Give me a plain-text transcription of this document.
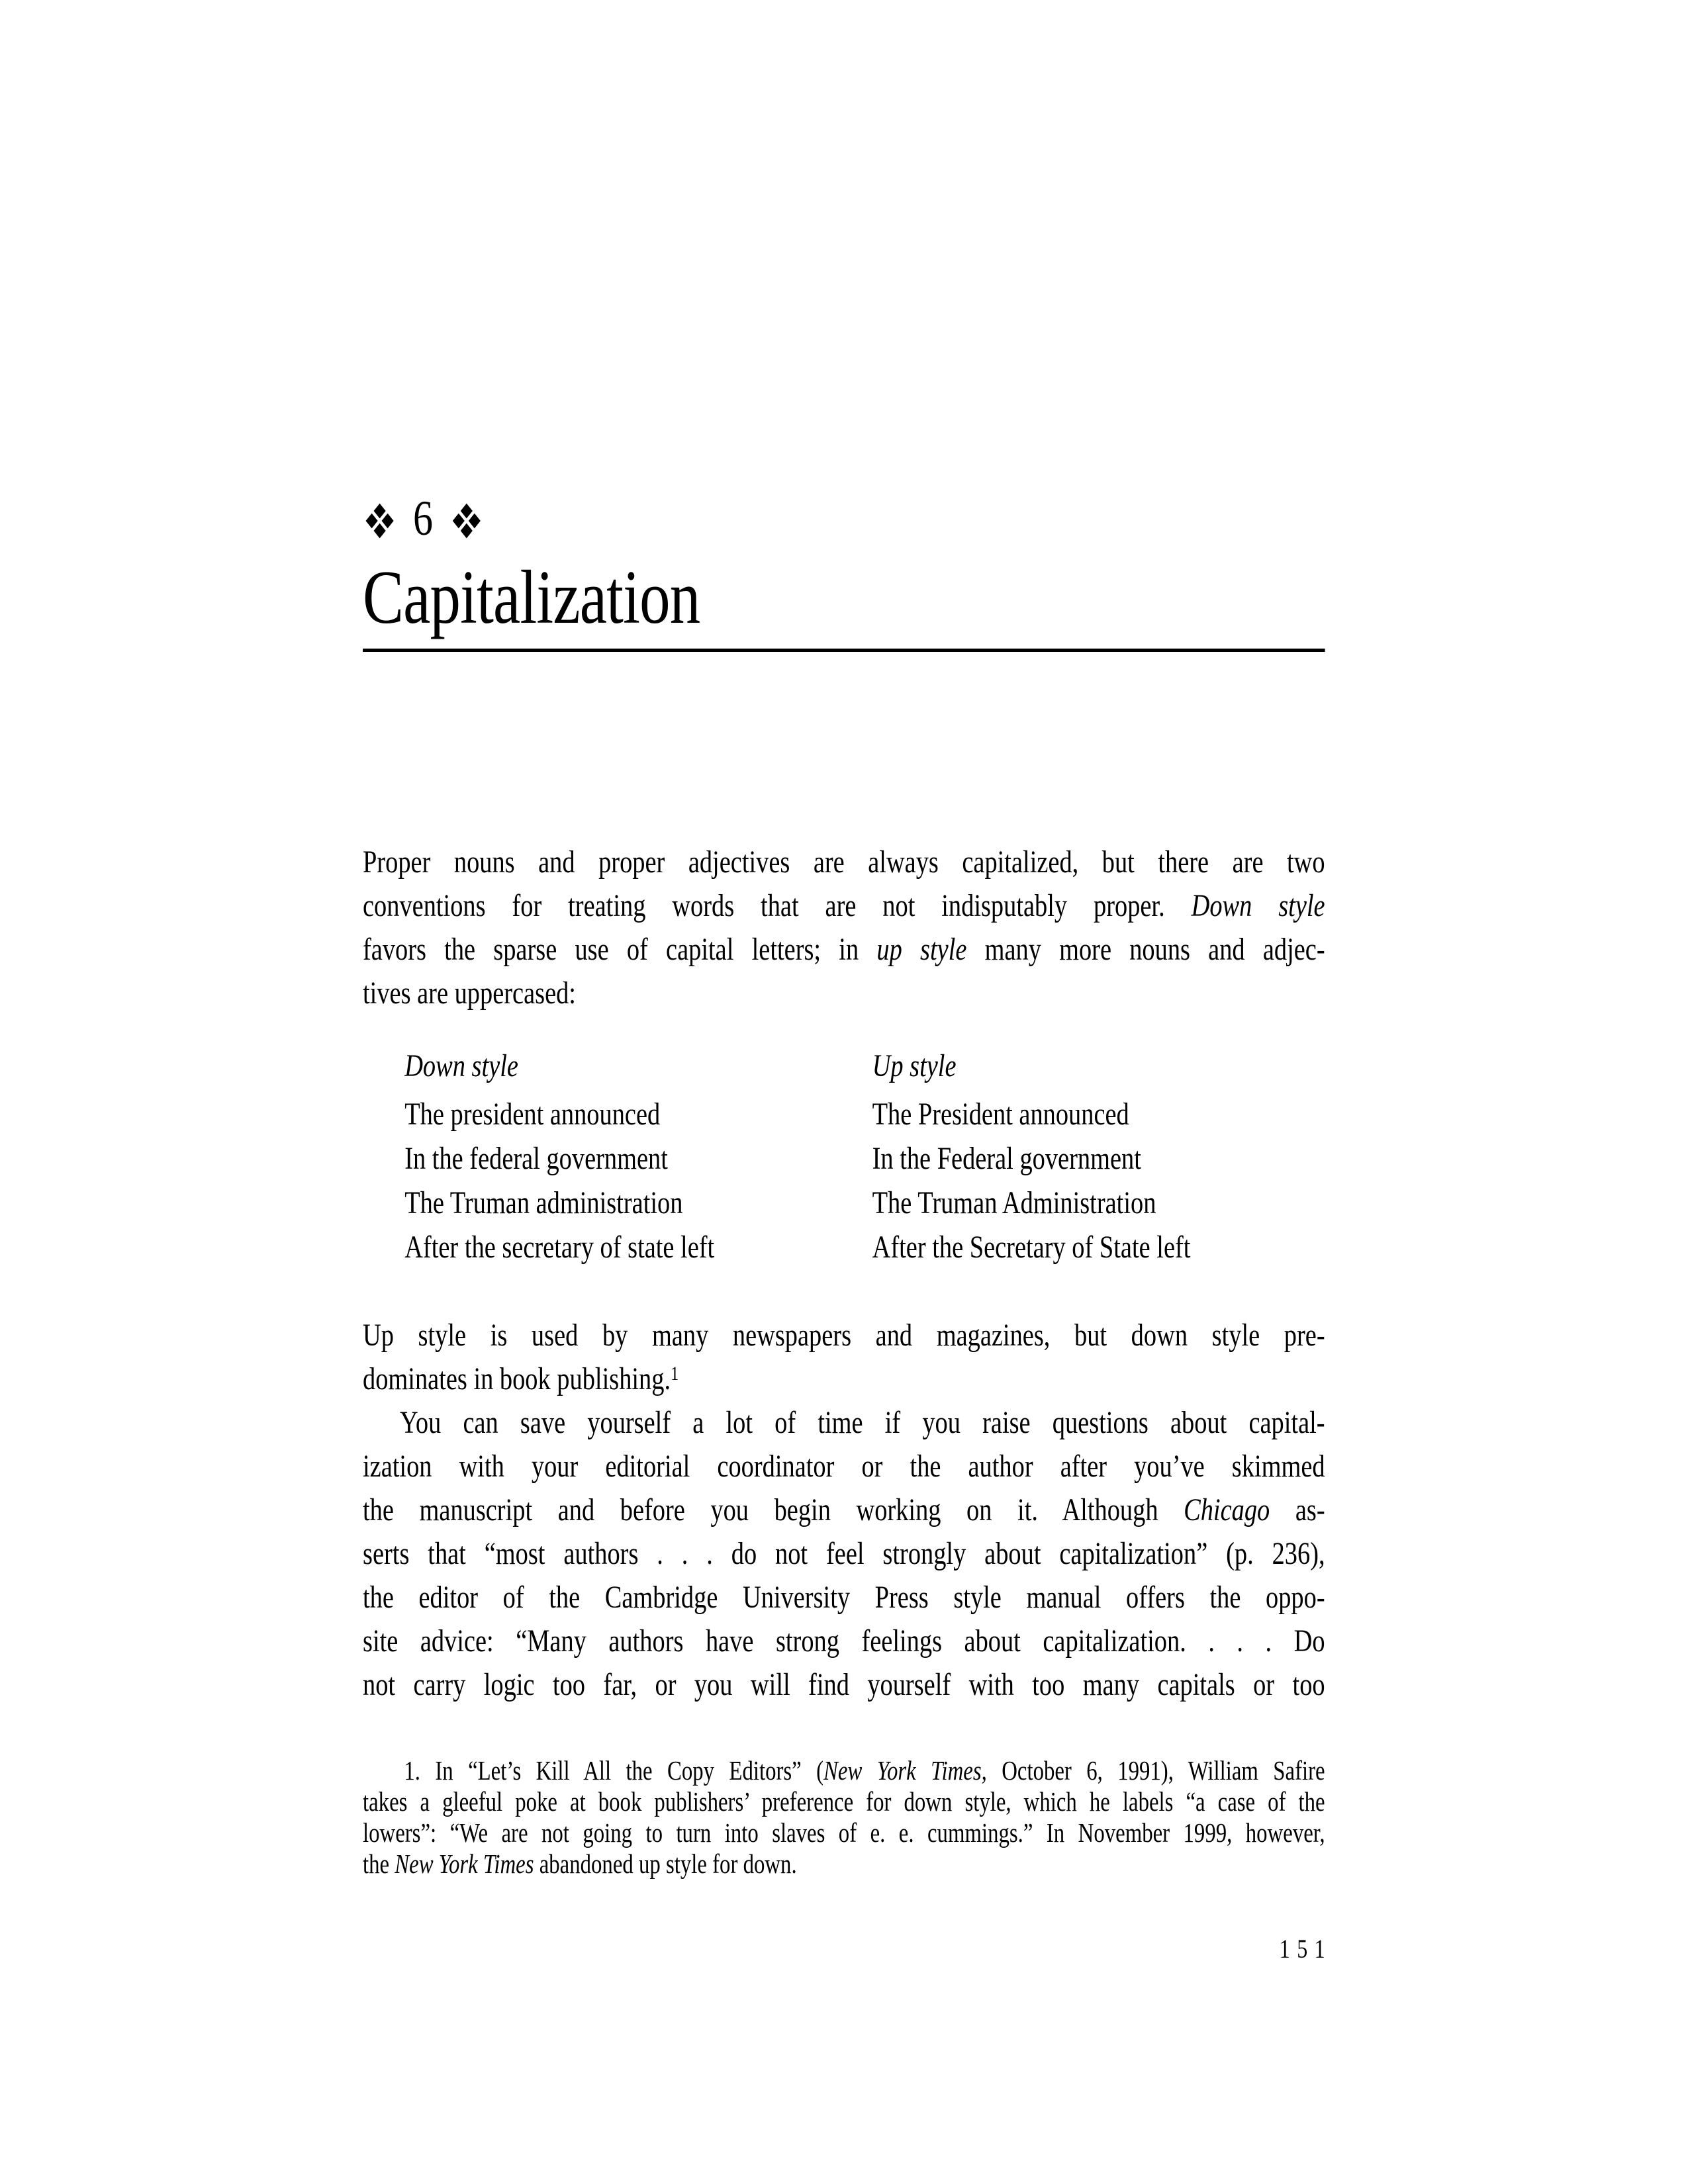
6
Capitalization
Proper nouns and proper adjectives are always capitalized, but there are two
conventions for treating words that are not indisputably proper. Down style
favors the sparse use of capital letters; in up style many more nouns and adjec-
tives are uppercased:
Down style	Up style
The president announced
In the federal government
The Truman administration
After the secretary of state left
The President announced
In the Federal government
The Truman Administration
After the Secretary of State left
Up style is used by many newspapers and magazines, but down style pre-
dominates in book publishing.$^1$
You can save yourself a lot of time if you raise questions about capital-
ization with your editorial coordinator or the author after you’ve skimmed
the manuscript and before you begin working on it. Although Chicago as-
serts that “most authors . . . do not feel strongly about capitalization” (p. 236),
the editor of the Cambridge University Press style manual offers the oppo-
site advice: “Many authors have strong feelings about capitalization. . . . Do
not carry logic too far, or you will find yourself with too many capitals or too
1. In “Let’s Kill All the Copy Editors” (New York Times, October 6, 1991), William Safire
takes a gleeful poke at book publishers’ preference for down style, which he labels “a case of the
lowers”: “We are not going to turn into slaves of e. e. cummings.” In November 1999, however,
the New York Times abandoned up style for down.
151
